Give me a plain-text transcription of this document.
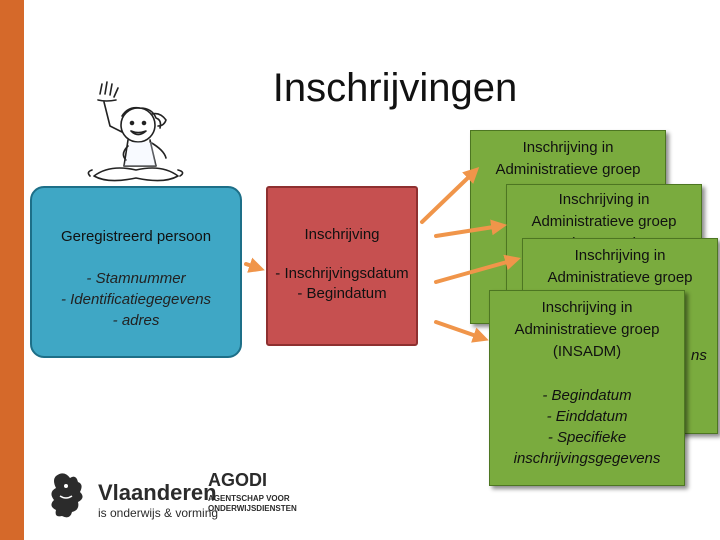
Inschrijvingen
Geregistreerd persoon
- Stamnummer
- Identificatiegegevens
- adres
Inschrijving
- Inschrijvingsdatum
- Begindatum
Inschrijving in
Administratieve groep
Inschrijving in
Administratieve groep
Inschrijving in
Administratieve groep
ns
Inschrijving in
Administratieve groep
(INSADM)
- Begindatum
- Einddatum
- Specifieke
inschrijvingsgegevens
Vlaanderen
is onderwijs & vorming
AGODI
AGENTSCHAP VOOR
ONDERWIJSDIENSTEN
